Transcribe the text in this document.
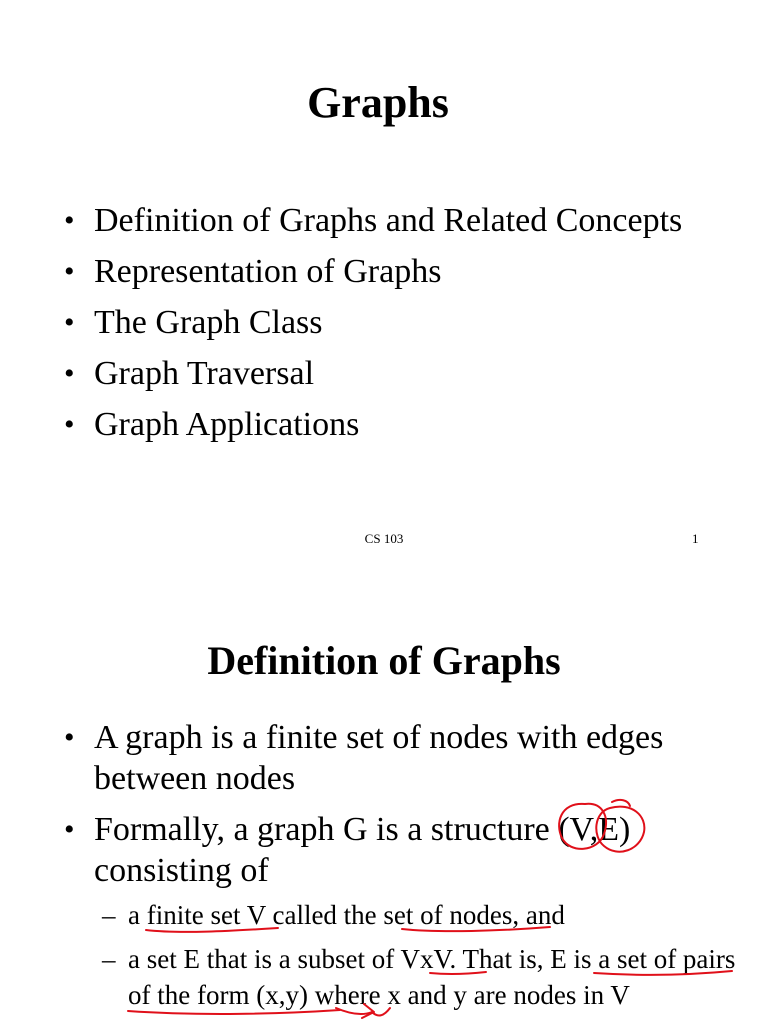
Graphs
• Definition of Graphs and Related Concepts
• Representation of Graphs
• The Graph Class
• Graph Traversal
• Graph Applications
CS 103	1
Definition of Graphs
• A graph is a finite set of nodes with edges between nodes
• Formally, a graph G is a structure (V,E) consisting of
– a finite set V called the set of nodes, and
– a set E that is a subset of VxV. That is, E is a set of pairs of the form (x,y) where x and y are nodes in V
